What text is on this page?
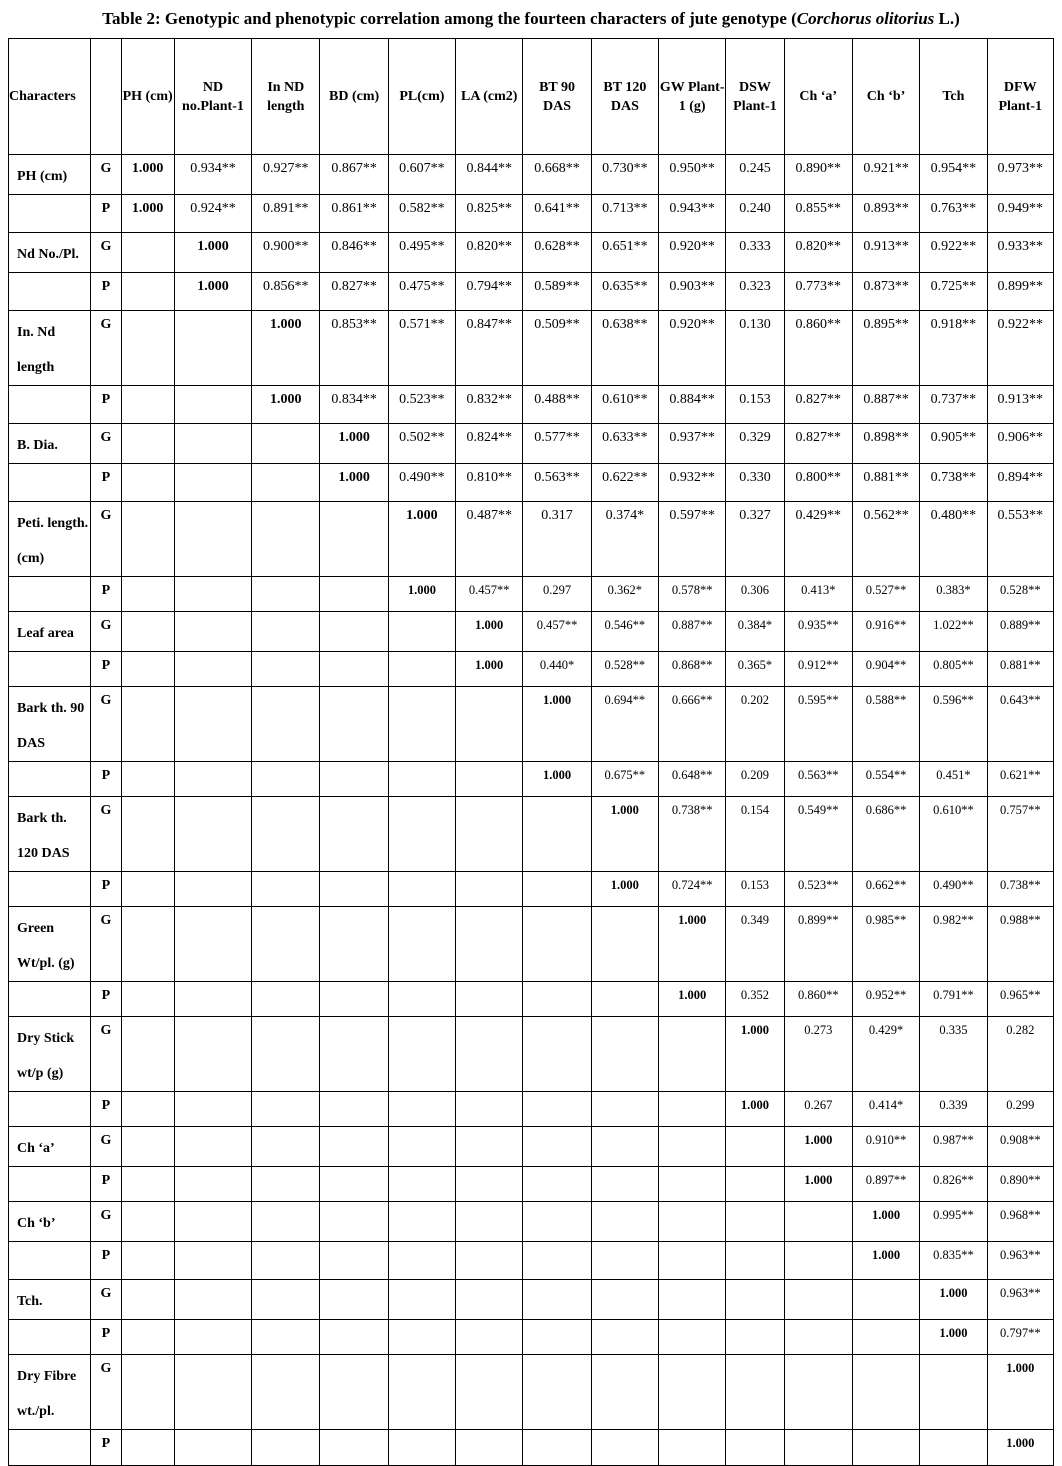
Table 2: Genotypic and phenotypic correlation among the fourteen characters of jute genotype (Corchorus olitorius L.)
Characters		PH (cm)	ND no.Plant-1	In ND length	BD (cm)	PL(cm)	LA (cm2)	BT 90 DAS	BT 120 DAS	GW Plant-1 (g)	DSW Plant-1	Ch ‘a’	Ch ‘b’	Tch	DFW Plant-1
PH (cm)	G	1.000	0.934**	0.927**	0.867**	0.607**	0.844**	0.668**	0.730**	0.950**	0.245	0.890**	0.921**	0.954**	0.973**
	P	1.000	0.924**	0.891**	0.861**	0.582**	0.825**	0.641**	0.713**	0.943**	0.240	0.855**	0.893**	0.763**	0.949**
Nd No./Pl.	G		1.000	0.900**	0.846**	0.495**	0.820**	0.628**	0.651**	0.920**	0.333	0.820**	0.913**	0.922**	0.933**
	P		1.000	0.856**	0.827**	0.475**	0.794**	0.589**	0.635**	0.903**	0.323	0.773**	0.873**	0.725**	0.899**
In. Nd length	G			1.000	0.853**	0.571**	0.847**	0.509**	0.638**	0.920**	0.130	0.860**	0.895**	0.918**	0.922**
	P			1.000	0.834**	0.523**	0.832**	0.488**	0.610**	0.884**	0.153	0.827**	0.887**	0.737**	0.913**
B. Dia.	G				1.000	0.502**	0.824**	0.577**	0.633**	0.937**	0.329	0.827**	0.898**	0.905**	0.906**
	P				1.000	0.490**	0.810**	0.563**	0.622**	0.932**	0.330	0.800**	0.881**	0.738**	0.894**
Peti. length.(cm)	G					1.000	0.487**	0.317	0.374*	0.597**	0.327	0.429**	0.562**	0.480**	0.553**
	P					1.000	0.457**	0.297	0.362*	0.578**	0.306	0.413*	0.527**	0.383*	0.528**
Leaf area	G						1.000	0.457**	0.546**	0.887**	0.384*	0.935**	0.916**	1.022**	0.889**
	P						1.000	0.440*	0.528**	0.868**	0.365*	0.912**	0.904**	0.805**	0.881**
Bark th. 90 DAS	G							1.000	0.694**	0.666**	0.202	0.595**	0.588**	0.596**	0.643**
	P							1.000	0.675**	0.648**	0.209	0.563**	0.554**	0.451*	0.621**
Bark th. 120 DAS	G								1.000	0.738**	0.154	0.549**	0.686**	0.610**	0.757**
	P								1.000	0.724**	0.153	0.523**	0.662**	0.490**	0.738**
Green Wt/pl. (g)	G									1.000	0.349	0.899**	0.985**	0.982**	0.988**
	P									1.000	0.352	0.860**	0.952**	0.791**	0.965**
Dry Stick wt/p (g)	G										1.000	0.273	0.429*	0.335	0.282
	P										1.000	0.267	0.414*	0.339	0.299
Ch ‘a’	G											1.000	0.910**	0.987**	0.908**
	P											1.000	0.897**	0.826**	0.890**
Ch ‘b’	G												1.000	0.995**	0.968**
	P												1.000	0.835**	0.963**
Tch.	G													1.000	0.963**
	P													1.000	0.797**
Dry Fibre wt./pl.	G														1.000
	P														1.000
